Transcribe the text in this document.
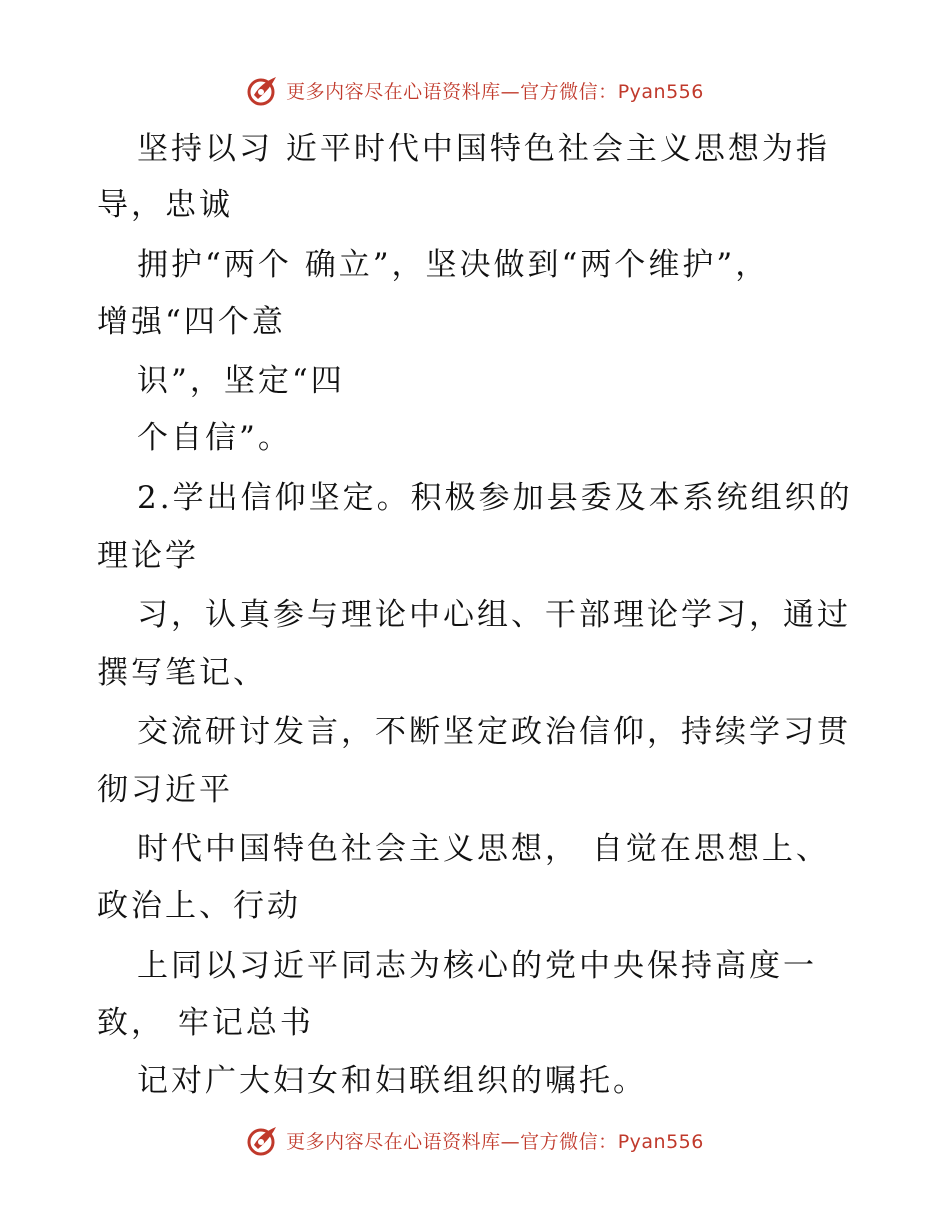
更多内容尽在心语资料库—官方微信：Pyan556
坚持以习 近平时代中国特色社会主义思想为指
导，忠诚
拥护“两个 确立”，坚决做到“两个维护”，
增强“四个意
识”，坚定“四
个自信”。
2.学出信仰坚定。积极参加县委及本系统组织的
理论学
习，认真参与理论中心组、干部理论学习，通过
撰写笔记、
交流研讨发言，不断坚定政治信仰，持续学习贯
彻习近平
时代中国特色社会主义思想， 自觉在思想上、
政治上、行动
上同以习近平同志为核心的党中央保持高度一
致， 牢记总书
记对广大妇女和妇联组织的嘱托。
更多内容尽在心语资料库—官方微信：Pyan556
